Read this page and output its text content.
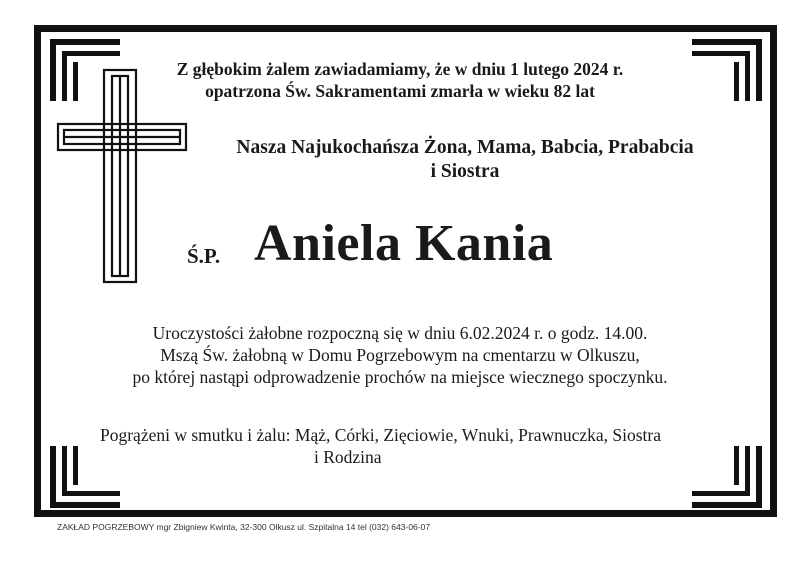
Z głębokim żalem zawiadamiamy, że w dniu 1 lutego 2024 r.
opatrzona Św. Sakramentami zmarła w wieku 82 lat
Nasza Najukochańsza Żona, Mama, Babcia, Prababcia
i Siostra
Ś.P. Aniela Kania
Uroczystości żałobne rozpoczną się w dniu 6.02.2024 r. o godz. 14.00.
Mszą Św. żałobną w Domu Pogrzebowym na cmentarzu w Olkuszu,
po której nastąpi odprowadzenie prochów na miejsce wiecznego spoczynku.
Pogrążeni w smutku i żalu: Mąż, Córki, Zięciowie, Wnuki, Prawnuczka, Siostra
i Rodzina
ZAKŁAD POGRZEBOWY mgr Zbigniew Kwinta, 32-300 Olkusz ul. Szpitalna 14 tel (032) 643-06-07
